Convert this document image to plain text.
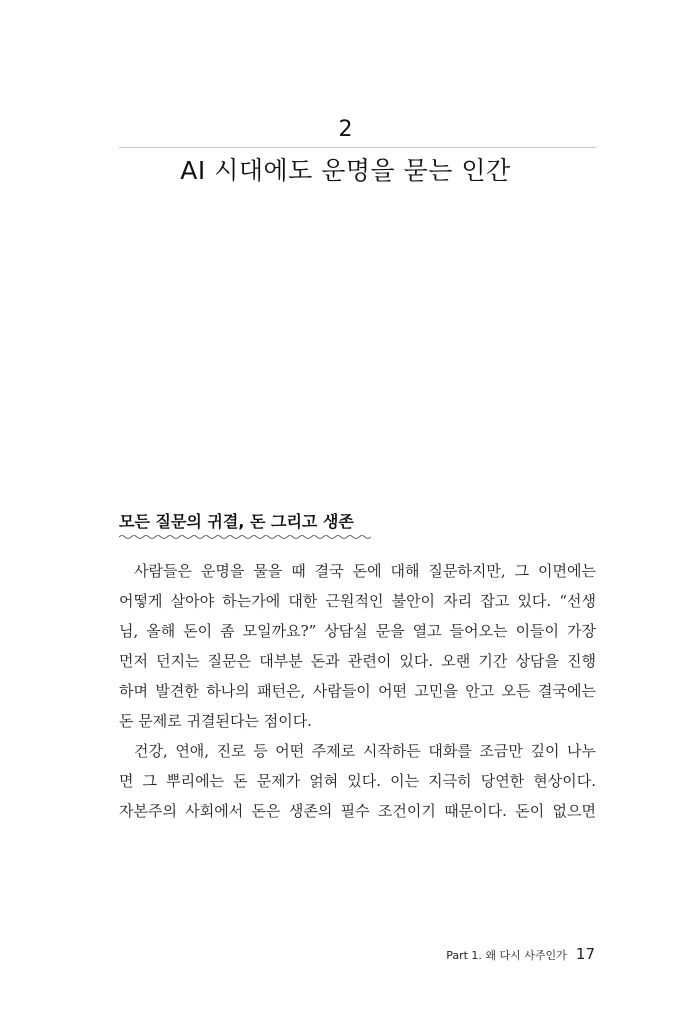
2
AI 시대에도 운명을 묻는 인간
모든 질문의 귀결, 돈 그리고 생존
사람들은 운명을 물을 때 결국 돈에 대해 질문하지만, 그 이면에는
어떻게 살아야 하는가에 대한 근원적인 불안이 자리 잡고 있다. “선생
님, 올해 돈이 좀 모일까요?” 상담실 문을 열고 들어오는 이들이 가장
먼저 던지는 질문은 대부분 돈과 관련이 있다. 오랜 기간 상담을 진행
하며 발견한 하나의 패턴은, 사람들이 어떤 고민을 안고 오든 결국에는
돈 문제로 귀결된다는 점이다.
건강, 연애, 진로 등 어떤 주제로 시작하든 대화를 조금만 깊이 나누
면 그 뿌리에는 돈 문제가 얽혀 있다. 이는 지극히 당연한 현상이다.
자본주의 사회에서 돈은 생존의 필수 조건이기 때문이다. 돈이 없으면
Part 1. 왜 다시 사주인가 17
